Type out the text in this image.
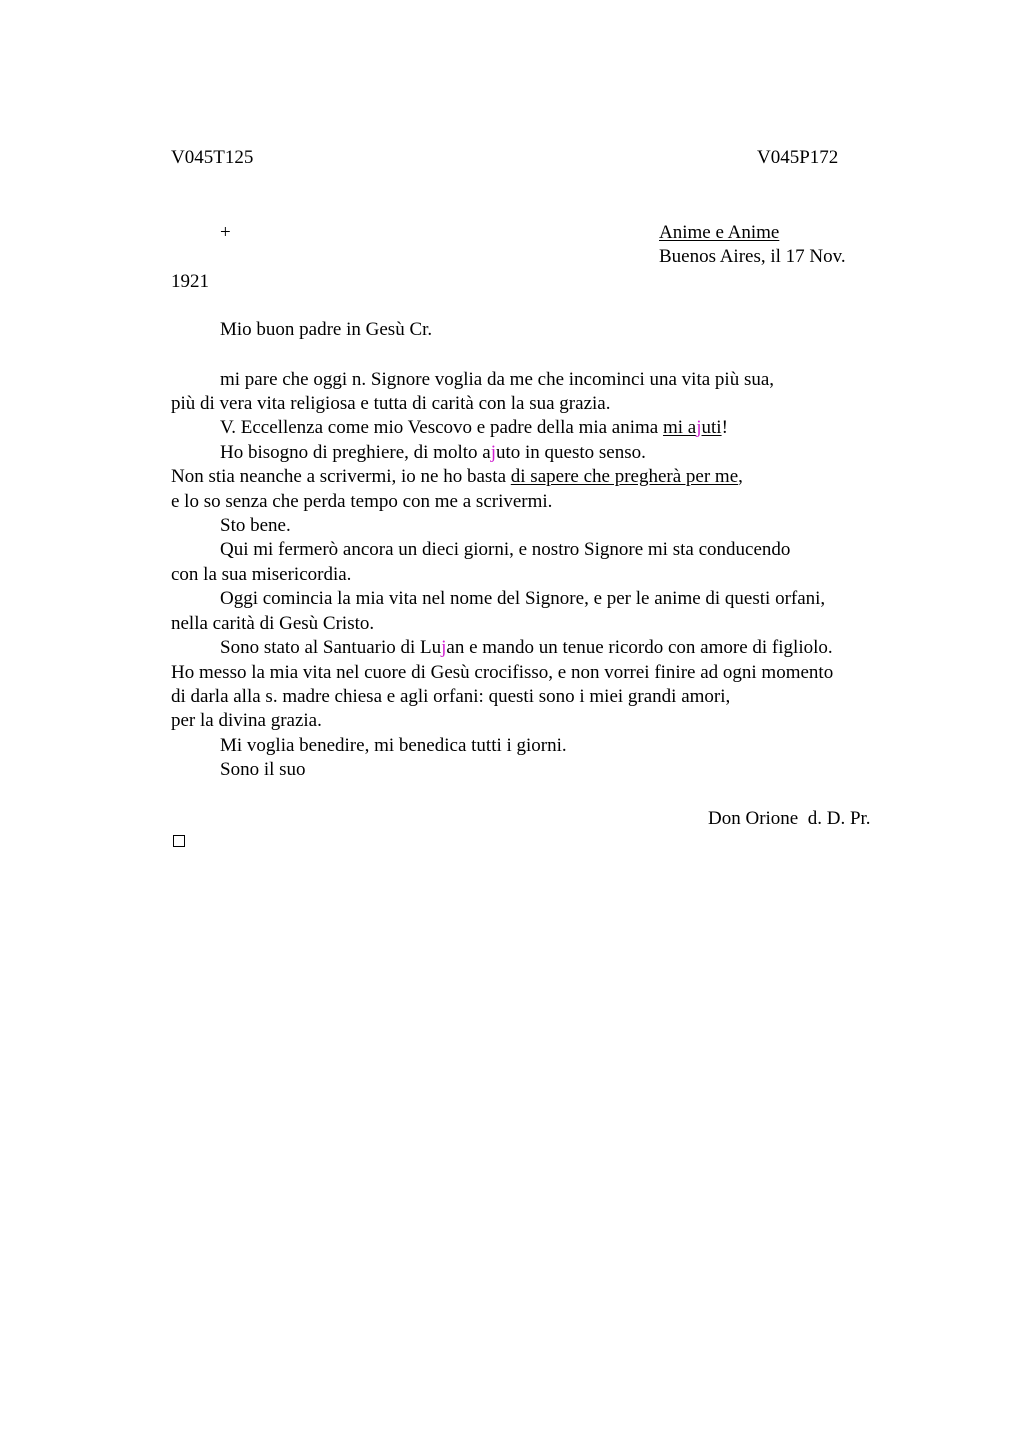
V045T125	V045P172
+	Anime e Anime
Buenos Aires, il 17 Nov.
1921
Mio buon padre in Gesù Cr.
mi pare che oggi n. Signore voglia da me che incominci una vita più sua,
più di vera vita religiosa e tutta di carità con la sua grazia.
V. Eccellenza come mio Vescovo e padre della mia anima mi ajuti!
Ho bisogno di preghiere, di molto ajuto in questo senso.
Non stia neanche a scrivermi, io ne ho basta di sapere che pregherà per me,
e lo so senza che perda tempo con me a scrivermi.
Sto bene.
Qui mi fermerò ancora un dieci giorni, e nostro Signore mi sta conducendo
con la sua misericordia.
Oggi comincia la mia vita nel nome del Signore, e per le anime di questi orfani,
nella carità di Gesù Cristo.
Sono stato al Santuario di Lujan e mando un tenue ricordo con amore di figliolo.
Ho messo la mia vita nel cuore di Gesù crocifisso, e non vorrei finire ad ogni momento
di darla alla s. madre chiesa e agli orfani: questi sono i miei grandi amori,
per la divina grazia.
Mi voglia benedire, mi benedica tutti i giorni.
Sono il suo
Don Orione  d. D. Pr.
